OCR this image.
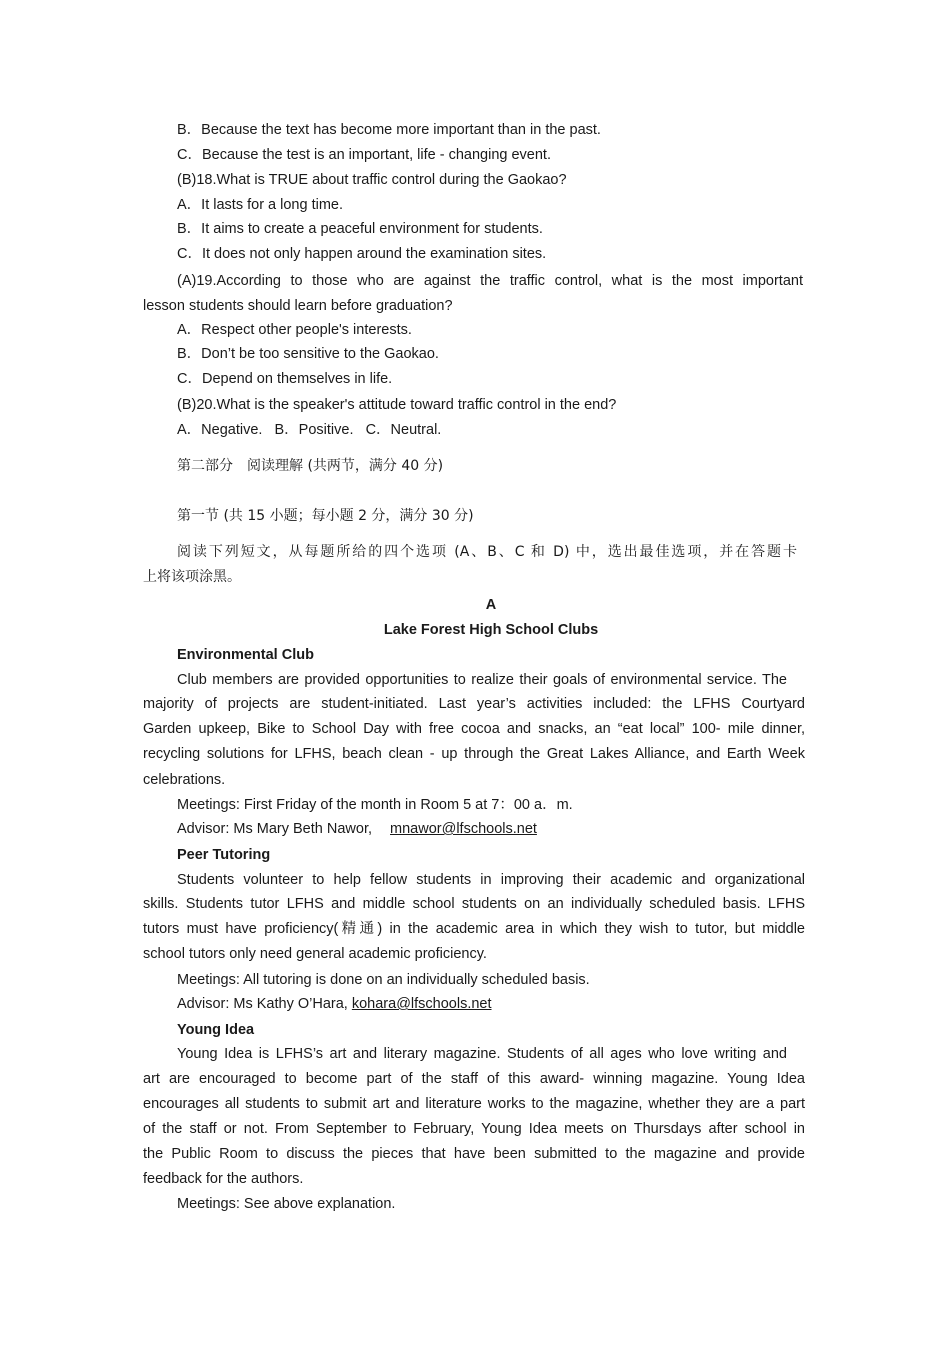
B．Because the text has become more important than in the past.
C．Because the test is an important, life - changing event.
(B)18.What is TRUE about traffic control during the Gaokao?
A．It lasts for a long time.
B．It aims to create a peaceful environment for students.
C．It does not only happen around the examination sites.
(A)19.According to those who are against the traffic control, what is the most important
lesson students should learn before graduation?
A．Respect other people's interests.
B．Don’t be too sensitive to the Gaokao.
C．Depend on themselves in life.
(B)20.What is the speaker's attitude toward traffic control in the end?
A．Negative.   B．Positive.   C．Neutral.
第二部分　阅读理解 (共两节，满分 40 分)
第一节 (共 15 小题；每小题 2 分，满分 30 分)
阅读下列短文，从每题所给的四个选项 (A、B、C 和 D) 中，选出最佳选项，并在答题卡
上将该项涂黑。
A
Lake Forest High School Clubs
Environmental Club
Club members are provided opportunities to realize their goals of environmental service. The
majority of projects are student-initiated. Last year’s activities included: the LFHS Courtyard
Garden upkeep, Bike to School Day with free cocoa and snacks, an “eat local” 100- mile dinner,
recycling solutions for LFHS, beach clean - up through the Great Lakes Alliance, and Earth Week
celebrations.
Meetings: First Friday of the month in Room 5 at 7：00 a．m.
Advisor: Ms Mary Beth Nawor, mnawor@lfschools.net
Peer Tutoring
Students volunteer to help fellow students in improving their academic and organizational
skills. Students tutor LFHS and middle school students on an individually scheduled basis. LFHS
tutors must have proficiency(精通) in the academic area in which they wish to tutor, but middle
school tutors only need general academic proficiency.
Meetings: All tutoring is done on an individually scheduled basis.
Advisor: Ms Kathy O’Hara, kohara@lfschools.net
Young Idea
Young Idea is LFHS’s art and literary magazine. Students of all ages who love writing and
art are encouraged to become part of the staff of this award- winning magazine. Young Idea
encourages all students to submit art and literature works to the magazine, whether they are a part
of the staff or not. From September to February, Young Idea meets on Thursdays after school in
the Public Room to discuss the pieces that have been submitted to the magazine and provide
feedback for the authors.
Meetings: See above explanation.
